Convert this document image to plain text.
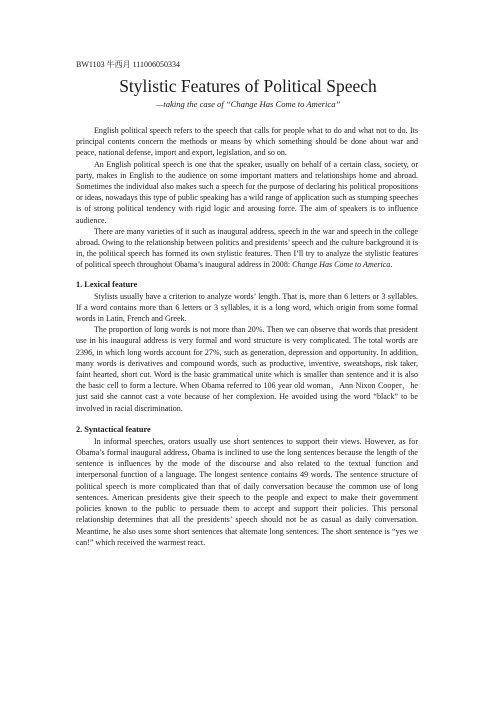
BW1103 牛西月 111006050334
Stylistic Features of Political Speech
—taking the case of “Change Has Come to America”

English political speech refers to the speech that calls for people what to do and what not to do. Its principal contents concern the methods or means by which something should be done about war and peace, national defense, import and export, legislation, and so on.

An English political speech is one that the speaker, usually on behalf of a certain class, society, or party, makes in English to the audience on some important matters and relationships home and abroad. Sometimes the individual also makes such a speech for the purpose of declaring his political propositions or ideas, nowadays this type of public speaking has a wild range of application such as stumping speeches is of strong political tendency with rigid logic and arousing force. The aim of speakers is to influence audience.

There are many varieties of it such as inaugural address, speech in the war and speech in the college abroad. Owing to the relationship between politics and presidents’ speech and the culture background it is in, the political speech has formed its own stylistic features. Then I’ll try to analyze the stylistic features of political speech throughout Obama’s inaugural address in 2008: Change Has Come to America.

1. Lexical feature

Stylists usually have a criterion to analyze words’ length. That is, more than 6 letters or 3 syllables. If a word contains more than 6 letters or 3 syllables, it is a long word, which origin from some formal words in Latin, French and Greek.

The proportion of long words is not more than 20%. Then we can observe that words that president use in his inaugural address is very formal and word structure is very complicated. The total words are 2396, in which long words account for 27%, such as generation, depression and opportunity. In addition, many words is derivatives and compound words, such as productive, inventive, sweatshops, risk taker, faint hearted, short cut. Word is the basic grammatical unite which is smaller than sentence and it is also the basic cell to form a lecture. When Obama referred to 106 year old woman，Ann Nixon Cooper，he just said she cannot cast a vote because of her complexion. He avoided using the word “black” to be involved in racial discrimination.

2. Syntactical feature

In informal speeches, orators usually use short sentences to support their views. However, as for Obama’s formal inaugural address, Obama is inclined to use the long sentences because the length of the sentence is influences by the mode of the discourse and also related to the textual function and interpersonal function of a language. The longest sentence contains 49 words. The sentence structure of political speech is more complicated than that of daily conversation because the common use of long sentences. American presidents give their speech to the people and expect to make their government policies known to the public to persuade them to accept and support their policies. This personal relationship determines that all the presidents’ speech should not be as casual as daily conversation. Meantime, he also uses some short sentences that alternate long sentences. The short sentence is “yes we can!” which received the warmest react.
